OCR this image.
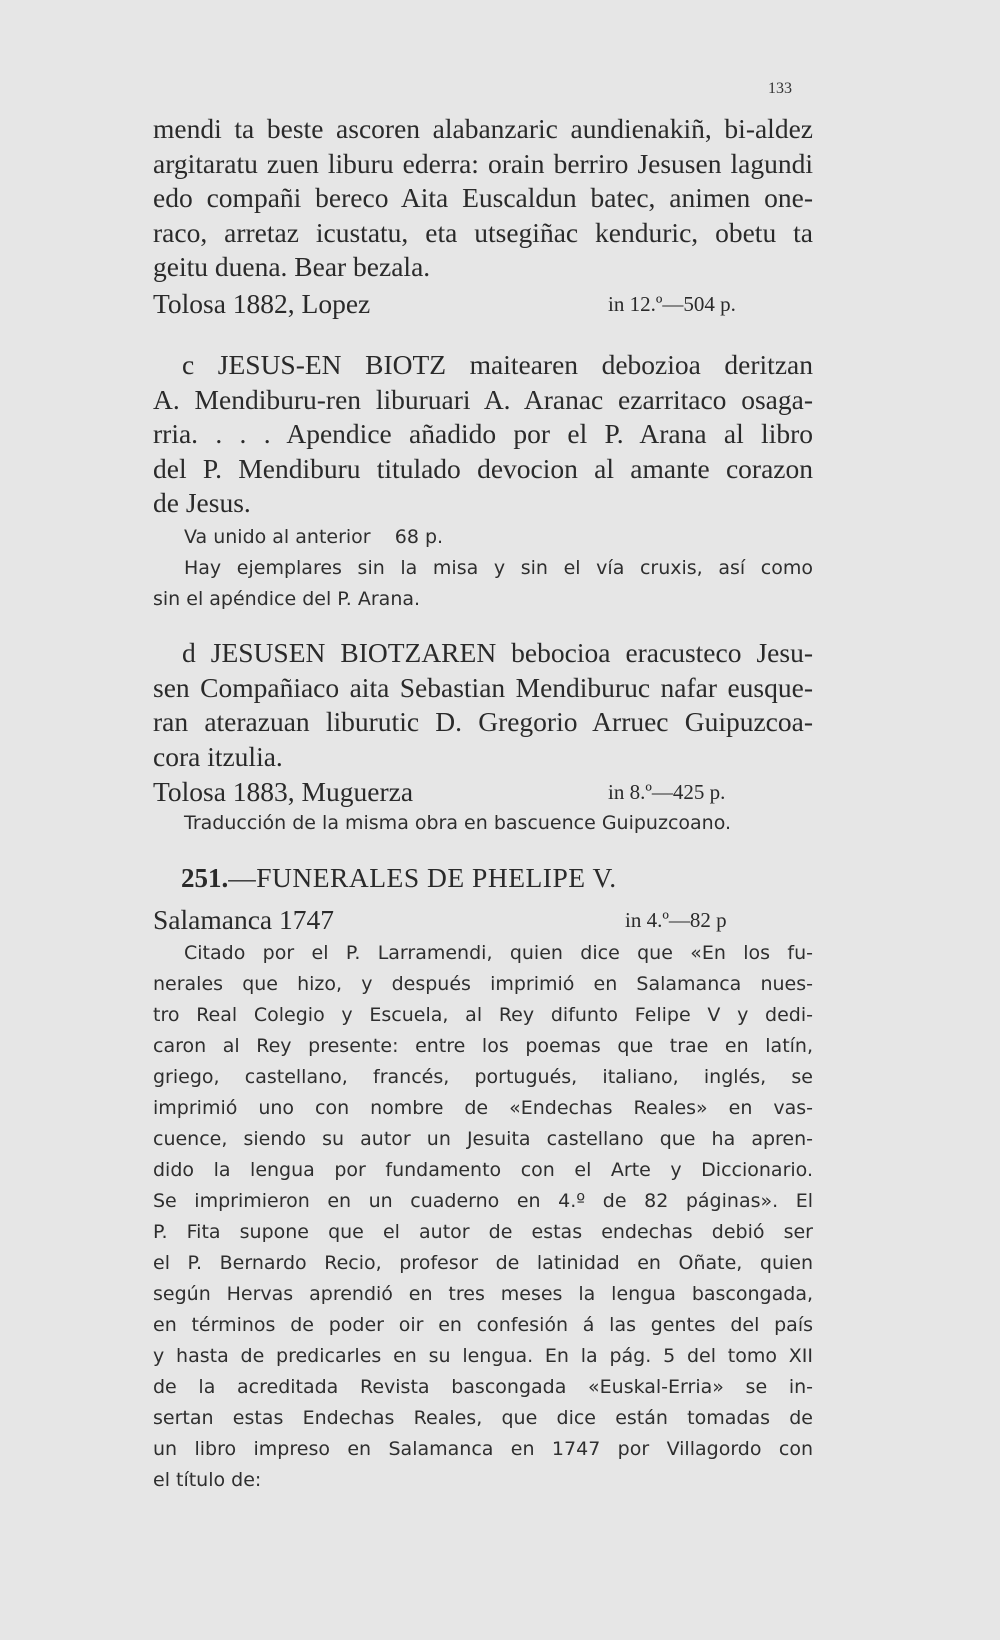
133
mendi ta beste ascoren alabanzaric aundienakiñ, bi-aldez
argitaratu zuen liburu ederra: orain berriro Jesusen lagundi
edo compañi bereco Aita Euscaldun batec, animen one-
raco, arretaz icustatu, eta utsegiñac kenduric, obetu ta
geitu duena. Bear bezala.
Tolosa 1882, Lopez	in 12.º—504 p.
c JESUS-EN BIOTZ maitearen debozioa deritzan
A. Mendiburu-ren liburuari A. Aranac ezarritaco osaga-
rria. . . . Apendice añadido por el P. Arana al libro
del P. Mendiburu titulado devocion al amante corazon
de Jesus.
Va unido al anterior    68 p.
Hay ejemplares sin la misa y sin el vía cruxis, así como
sin el apéndice del P. Arana.
d JESUSEN BIOTZAREN bebocioa eracusteco Jesu-
sen Compañiaco aita Sebastian Mendiburuc nafar eusque-
ran aterazuan liburutic D. Gregorio Arruec Guipuzcoa-
cora itzulia.
Tolosa 1883, Muguerza	in 8.º—425 p.
Traducción de la misma obra en bascuence Guipuzcoano.
251.—FUNERALES DE PHELIPE V.
Salamanca 1747	in 4.º—82 p
Citado por el P. Larramendi, quien dice que «En los fu-
nerales que hizo, y después imprimió en Salamanca nues-
tro Real Colegio y Escuela, al Rey difunto Felipe V y dedi-
caron al Rey presente: entre los poemas que trae en latín,
griego, castellano, francés, portugués, italiano, inglés, se
imprimió uno con nombre de «Endechas Reales» en vas-
cuence, siendo su autor un Jesuita castellano que ha apren-
dido la lengua por fundamento con el Arte y Diccionario.
Se imprimieron en un cuaderno en 4.º de 82 páginas». El
P. Fita supone que el autor de estas endechas debió ser
el P. Bernardo Recio, profesor de latinidad en Oñate, quien
según Hervas aprendió en tres meses la lengua bascongada,
en términos de poder oir en confesión á las gentes del país
y hasta de predicarles en su lengua. En la pág. 5 del tomo XII
de la acreditada Revista bascongada «Euskal-Erria» se in-
sertan estas Endechas Reales, que dice están tomadas de
un libro impreso en Salamanca en 1747 por Villagordo con
el título de:
